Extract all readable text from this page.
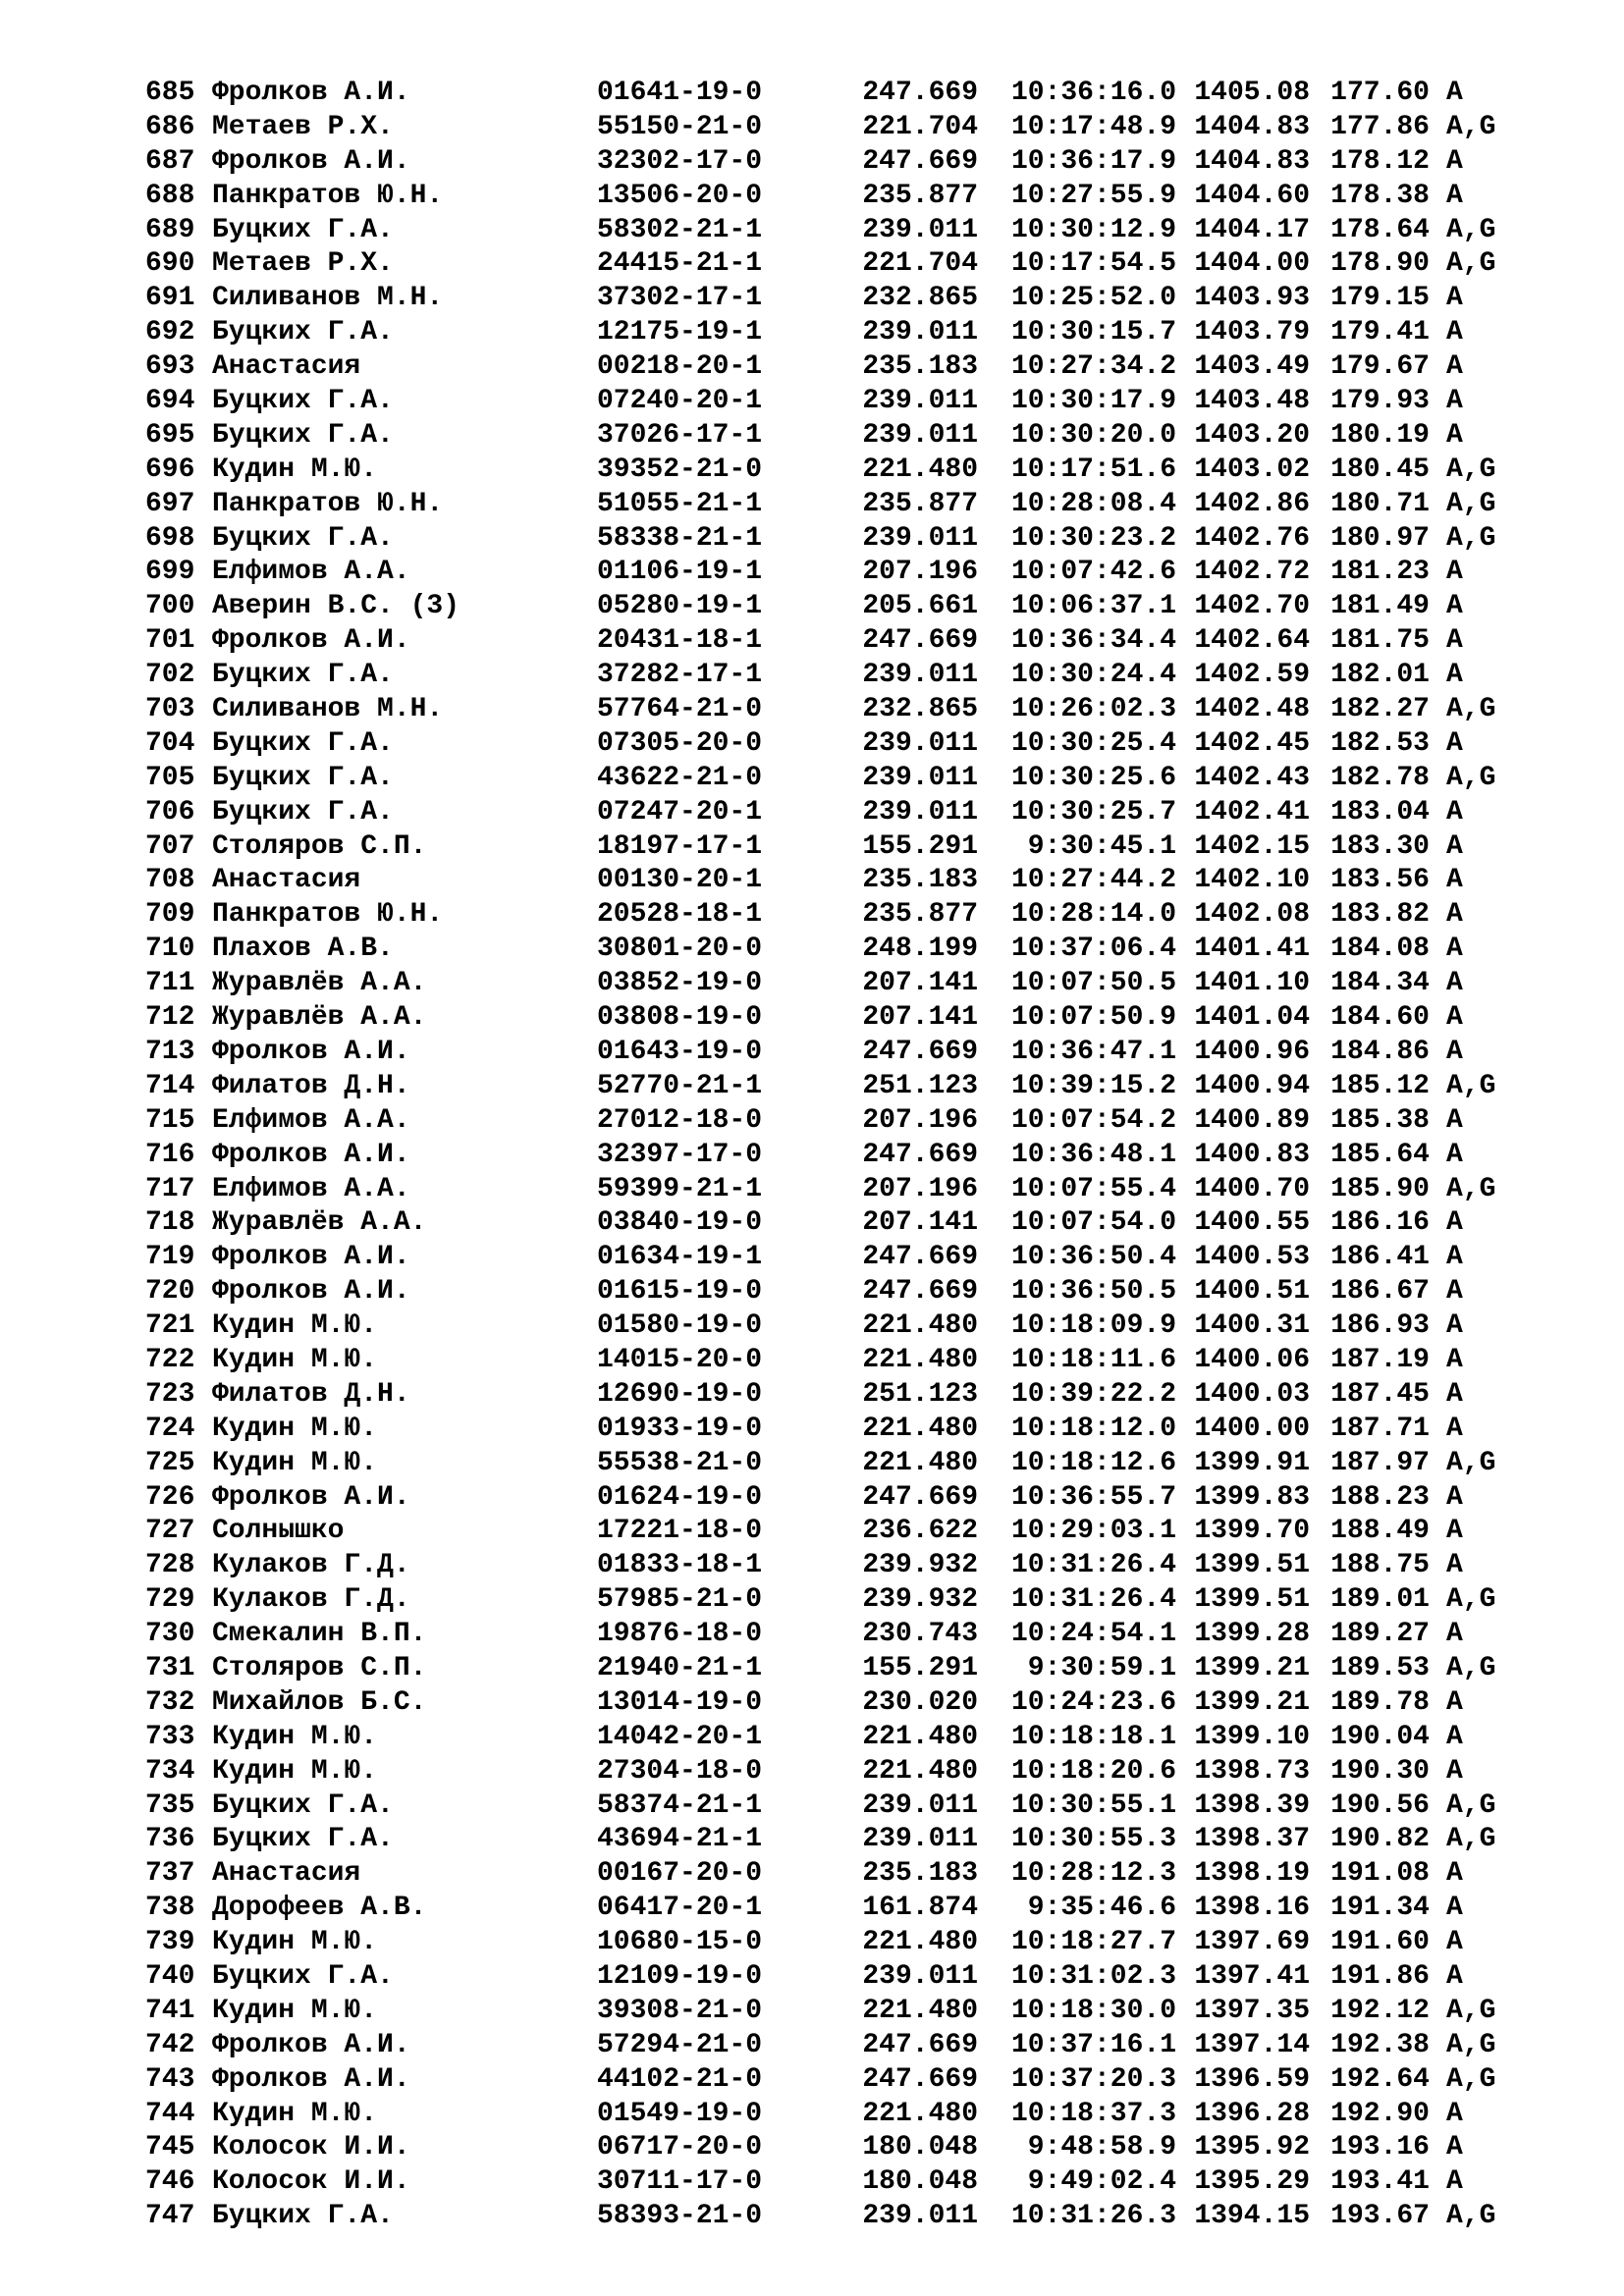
685 Фролков А.И.	01641-19-0	247.669	10:36:16.0 1405.08 177.60 A
686 Метаев Р.Х.	55150-21-0	221.704	10:17:48.9 1404.83 177.86 A,G
687 Фролков А.И.	32302-17-0	247.669	10:36:17.9 1404.83 178.12 A
688 Панкратов Ю.Н.	13506-20-0	235.877	10:27:55.9 1404.60 178.38 A
689 Буцких Г.А.	58302-21-1	239.011	10:30:12.9 1404.17 178.64 A,G
690 Метаев Р.Х.	24415-21-1	221.704	10:17:54.5 1404.00 178.90 A,G
691 Силиванов М.Н.	37302-17-1	232.865	10:25:52.0 1403.93 179.15 A
692 Буцких Г.А.	12175-19-1	239.011	10:30:15.7 1403.79 179.41 A
693 Анастасия	00218-20-1	235.183	10:27:34.2 1403.49 179.67 A
694 Буцких Г.А.	07240-20-1	239.011	10:30:17.9 1403.48 179.93 A
695 Буцких Г.А.	37026-17-1	239.011	10:30:20.0 1403.20 180.19 A
696 Кудин М.Ю.	39352-21-0	221.480	10:17:51.6 1403.02 180.45 A,G
697 Панкратов Ю.Н.	51055-21-1	235.877	10:28:08.4 1402.86 180.71 A,G
698 Буцких Г.А.	58338-21-1	239.011	10:30:23.2 1402.76 180.97 A,G
699 Елфимов А.А.	01106-19-1	207.196	10:07:42.6 1402.72 181.23 A
700 Аверин В.С. (3)	05280-19-1	205.661	10:06:37.1 1402.70 181.49 A
701 Фролков А.И.	20431-18-1	247.669	10:36:34.4 1402.64 181.75 A
702 Буцких Г.А.	37282-17-1	239.011	10:30:24.4 1402.59 182.01 A
703 Силиванов М.Н.	57764-21-0	232.865	10:26:02.3 1402.48 182.27 A,G
704 Буцких Г.А.	07305-20-0	239.011	10:30:25.4 1402.45 182.53 A
705 Буцких Г.А.	43622-21-0	239.011	10:30:25.6 1402.43 182.78 A,G
706 Буцких Г.А.	07247-20-1	239.011	10:30:25.7 1402.41 183.04 A
707 Столяров С.П.	18197-17-1	155.291	9:30:45.1 1402.15 183.30 A
708 Анастасия	00130-20-1	235.183	10:27:44.2 1402.10 183.56 A
709 Панкратов Ю.Н.	20528-18-1	235.877	10:28:14.0 1402.08 183.82 A
710 Плахов А.В.	30801-20-0	248.199	10:37:06.4 1401.41 184.08 A
711 Журавлёв А.А.	03852-19-0	207.141	10:07:50.5 1401.10 184.34 A
712 Журавлёв А.А.	03808-19-0	207.141	10:07:50.9 1401.04 184.60 A
713 Фролков А.И.	01643-19-0	247.669	10:36:47.1 1400.96 184.86 A
714 Филатов Д.Н.	52770-21-1	251.123	10:39:15.2 1400.94 185.12 A,G
715 Елфимов А.А.	27012-18-0	207.196	10:07:54.2 1400.89 185.38 A
716 Фролков А.И.	32397-17-0	247.669	10:36:48.1 1400.83 185.64 A
717 Елфимов А.А.	59399-21-1	207.196	10:07:55.4 1400.70 185.90 A,G
718 Журавлёв А.А.	03840-19-0	207.141	10:07:54.0 1400.55 186.16 A
719 Фролков А.И.	01634-19-1	247.669	10:36:50.4 1400.53 186.41 A
720 Фролков А.И.	01615-19-0	247.669	10:36:50.5 1400.51 186.67 A
721 Кудин М.Ю.	01580-19-0	221.480	10:18:09.9 1400.31 186.93 A
722 Кудин М.Ю.	14015-20-0	221.480	10:18:11.6 1400.06 187.19 A
723 Филатов Д.Н.	12690-19-0	251.123	10:39:22.2 1400.03 187.45 A
724 Кудин М.Ю.	01933-19-0	221.480	10:18:12.0 1400.00 187.71 A
725 Кудин М.Ю.	55538-21-0	221.480	10:18:12.6 1399.91 187.97 A,G
726 Фролков А.И.	01624-19-0	247.669	10:36:55.7 1399.83 188.23 A
727 Солнышко	17221-18-0	236.622	10:29:03.1 1399.70 188.49 A
728 Кулаков Г.Д.	01833-18-1	239.932	10:31:26.4 1399.51 188.75 A
729 Кулаков Г.Д.	57985-21-0	239.932	10:31:26.4 1399.51 189.01 A,G
730 Смекалин В.П.	19876-18-0	230.743	10:24:54.1 1399.28 189.27 A
731 Столяров С.П.	21940-21-1	155.291	9:30:59.1 1399.21 189.53 A,G
732 Михайлов Б.С.	13014-19-0	230.020	10:24:23.6 1399.21 189.78 A
733 Кудин М.Ю.	14042-20-1	221.480	10:18:18.1 1399.10 190.04 A
734 Кудин М.Ю.	27304-18-0	221.480	10:18:20.6 1398.73 190.30 A
735 Буцких Г.А.	58374-21-1	239.011	10:30:55.1 1398.39 190.56 A,G
736 Буцких Г.А.	43694-21-1	239.011	10:30:55.3 1398.37 190.82 A,G
737 Анастасия	00167-20-0	235.183	10:28:12.3 1398.19 191.08 A
738 Дорофеев А.В.	06417-20-1	161.874	9:35:46.6 1398.16 191.34 A
739 Кудин М.Ю.	10680-15-0	221.480	10:18:27.7 1397.69 191.60 A
740 Буцких Г.А.	12109-19-0	239.011	10:31:02.3 1397.41 191.86 A
741 Кудин М.Ю.	39308-21-0	221.480	10:18:30.0 1397.35 192.12 A,G
742 Фролков А.И.	57294-21-0	247.669	10:37:16.1 1397.14 192.38 A,G
743 Фролков А.И.	44102-21-0	247.669	10:37:20.3 1396.59 192.64 A,G
744 Кудин М.Ю.	01549-19-0	221.480	10:18:37.3 1396.28 192.90 A
745 Колосок И.И.	06717-20-0	180.048	9:48:58.9 1395.92 193.16 A
746 Колосок И.И.	30711-17-0	180.048	9:49:02.4 1395.29 193.41 A
747 Буцких Г.А.	58393-21-0	239.011	10:31:26.3 1394.15 193.67 A,G
